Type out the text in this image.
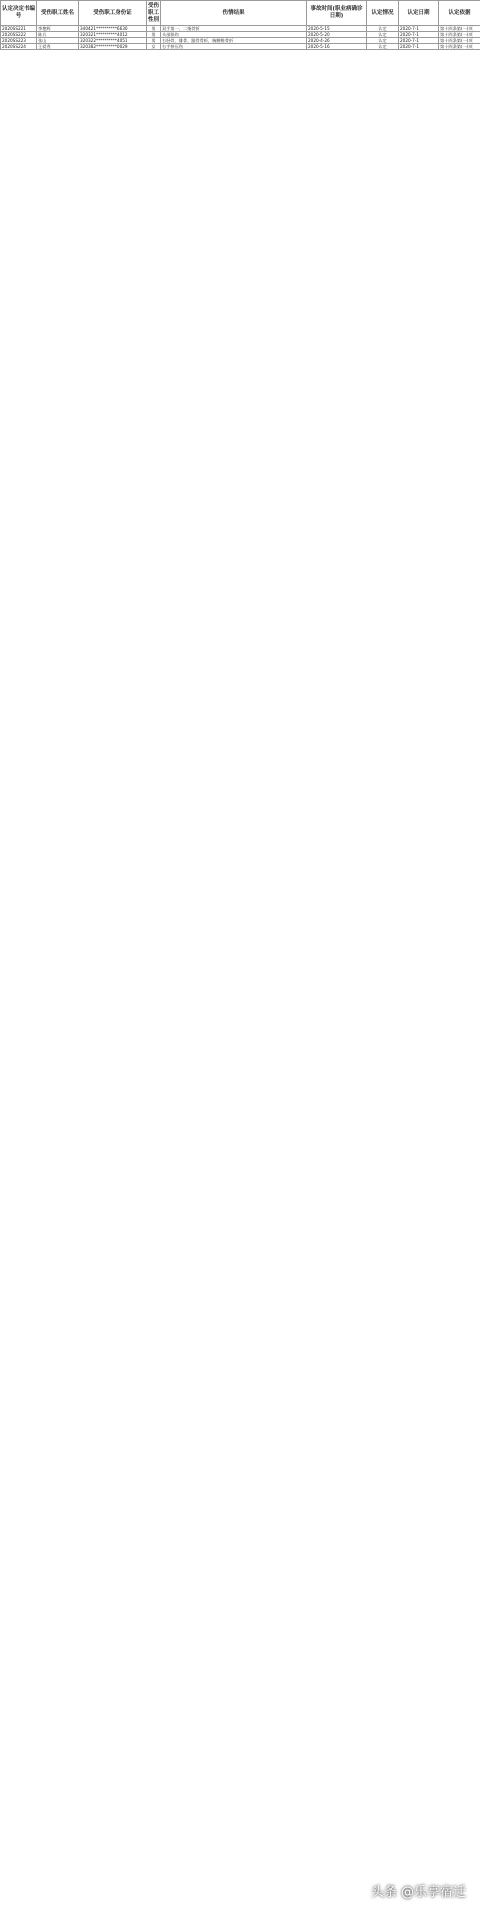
认定决定书编号	受伤职工姓名	受伤职工身份证	受伤职工性别	伤情结果	事故时间(职业病确诊日期)	认定情况	认定日期	认定依据
2020SS221	李艳辉	340421**********6630	男	双手第一、二指骨折	2020-5-15	认定	2020-7-1	第十四条第(一)项
2020SS222	陈兵	320321**********4012	男	头部损伤	2020-5-20	认定	2020-7-1	第十四条第(一)项
2020SS223	张山	320322**********4051	男	右胫骨、腓骨、跟骨骨折，胸腰椎骨折	2020-4-26	认定	2020-7-1	第十四条第(一)项
2020SS224	王爱秀	320382**********0029	女	右手挤压伤	2020-5-16	认定	2020-7-1	第十四条第(一)项
头条 @乐享宿迁
